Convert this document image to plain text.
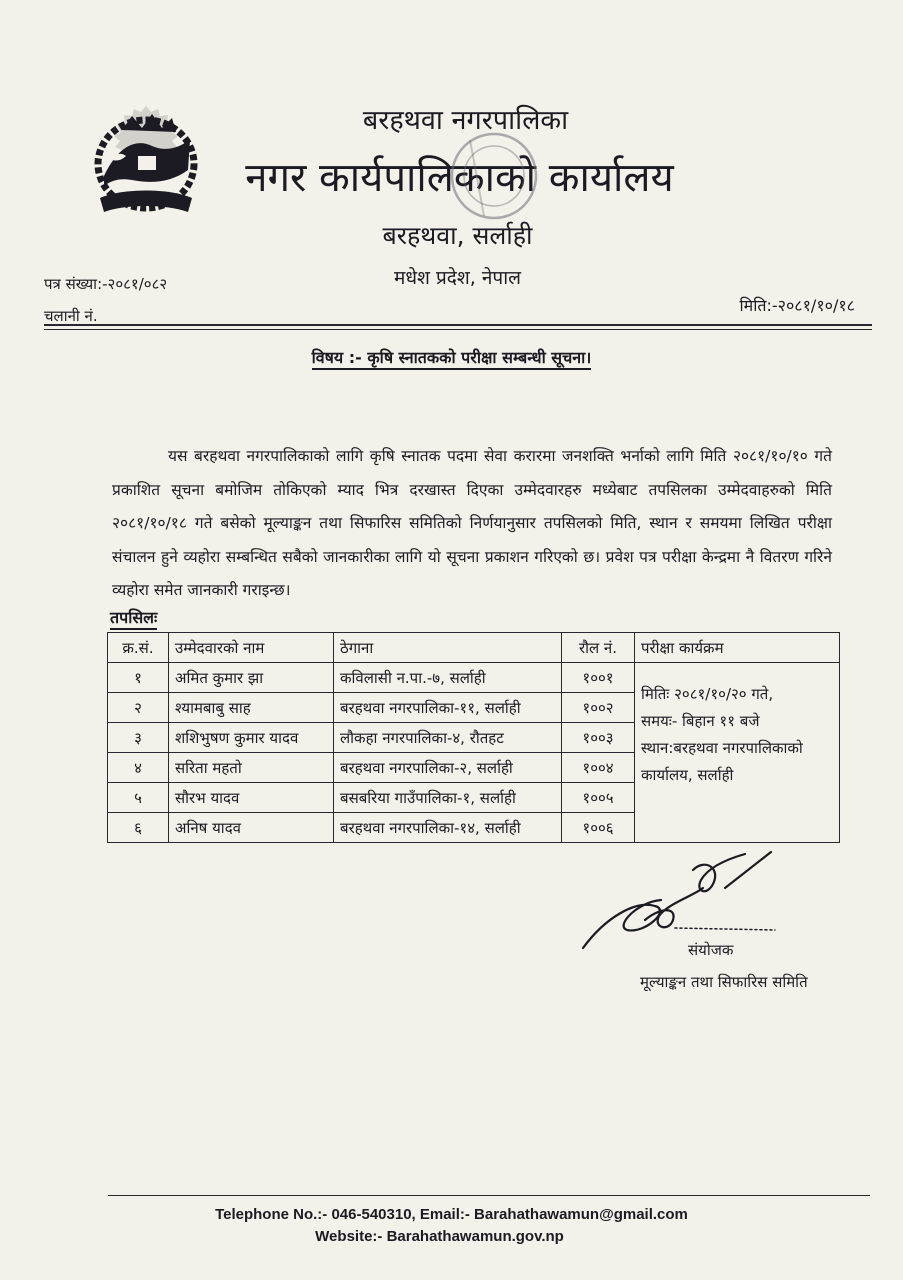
बरहथवा नगरपालिका
नगर कार्यपालिकाको कार्यालय
बरहथवा, सर्लाही
मधेश प्रदेश, नेपाल
पत्र संख्या:-२०८१/०८२
चलानी नं.
मिति:-२०८१/१०/१८
विषय :- कृषि स्नातकको परीक्षा सम्बन्धी सूचना।
यस बरहथवा नगरपालिकाको लागि कृषि स्नातक पदमा सेवा करारमा जनशक्ति भर्नाको लागि मिति २०८१/१०/१० गते प्रकाशित सूचना बमोजिम तोकिएको म्याद भित्र दरखास्त दिएका उम्मेदवारहरु मध्येबाट तपसिलका उम्मेदवाहरुको मिति २०८१/१०/१८ गते बसेको मूल्याङ्कन तथा सिफारिस समितिको निर्णयानुसार तपसिलको मिति, स्थान र समयमा लिखित परीक्षा संचालन हुने व्यहोरा सम्बन्धित सबैको जानकारीका लागि यो सूचना प्रकाशन गरिएको छ। प्रवेश पत्र परीक्षा केन्द्रमा नै वितरण गरिने व्यहोरा समेत जानकारी गराइन्छ।
तपसिलः
क्र.सं.	उम्मेदवारको नाम	ठेगाना	रौल नं.	परीक्षा कार्यक्रम
१	अमित कुमार झा	कविलासी न.पा.-७, सर्लाही	१००१	मितिः २०८१/१०/२० गते,
समयः- बिहान ११ बजे
स्थान:बरहथवा नगरपालिकाको
कार्यालय, सर्लाही

२	श्यामबाबु साह	बरहथवा नगरपालिका-११, सर्लाही	१००२	
३	शशिभुषण कुमार यादव	लौकहा नगरपालिका-४, रौतहट	१००३	
४	सरिता महतो	बरहथवा नगरपालिका-२, सर्लाही	१००४	
५	सौरभ यादव	बसबरिया गाउँपालिका-१, सर्लाही	१००५	
६	अनिष यादव	बरहथवा नगरपालिका-१४, सर्लाही	१००६	
संयोजक
मूल्याङ्कन तथा सिफारिस समिति
Telephone No.:- 046-540310, Email:- Barahathawamun@gmail.com
Website:- Barahathawamun.gov.np
